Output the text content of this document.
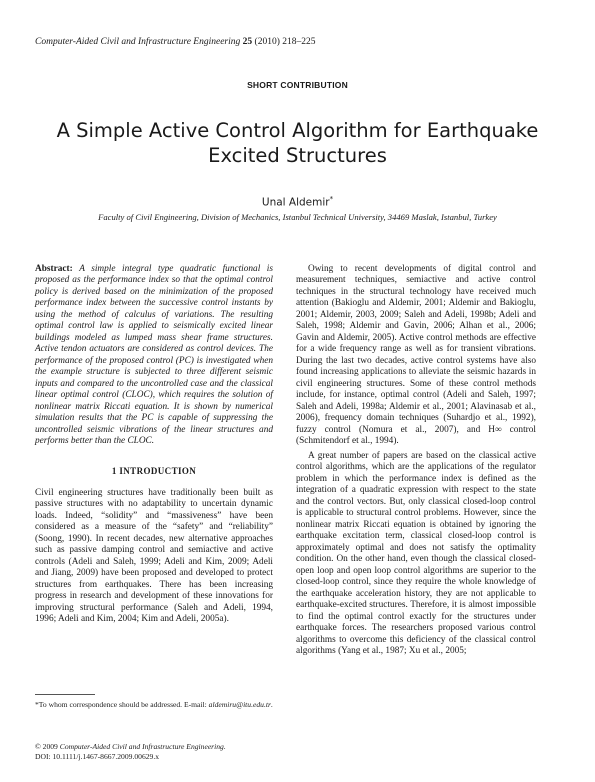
Computer-Aided Civil and Infrastructure Engineering 25 (2010) 218–225
SHORT CONTRIBUTION
A Simple Active Control Algorithm for Earthquake Excited Structures
Unal Aldemir*
Faculty of Civil Engineering, Division of Mechanics, Istanbul Technical University, 34469 Maslak, Istanbul, Turkey
Abstract: A simple integral type quadratic functional is proposed as the performance index so that the optimal control policy is derived based on the minimization of the proposed performance index between the successive control instants by using the method of calculus of variations. The resulting optimal control law is applied to seismically excited linear buildings modeled as lumped mass shear frame structures. Active tendon actuators are considered as control devices. The performance of the proposed control (PC) is investigated when the example structure is subjected to three different seismic inputs and compared to the uncontrolled case and the classical linear optimal control (CLOC), which requires the solution of nonlinear matrix Riccati equation. It is shown by numerical simulation results that the PC is capable of suppressing the uncontrolled seismic vibrations of the linear structures and performs better than the CLOC.
1 INTRODUCTION
Civil engineering structures have traditionally been built as passive structures with no adaptability to uncertain dynamic loads. Indeed, “solidity” and “massiveness” have been considered as a measure of the “safety” and “reliability” (Soong, 1990). In recent decades, new alternative approaches such as passive damping control and semiactive and active controls (Adeli and Saleh, 1999; Adeli and Kim, 2009; Adeli and Jiang, 2009) have been proposed and developed to protect structures from earthquakes. There has been increasing progress in research and development of these innovations for improving structural performance (Saleh and Adeli, 1994, 1996; Adeli and Kim, 2004; Kim and Adeli, 2005a).
*To whom correspondence should be addressed. E-mail: aldemiru@itu.edu.tr.
© 2009 Computer-Aided Civil and Infrastructure Engineering.
DOI: 10.1111/j.1467-8667.2009.00629.x
Owing to recent developments of digital control and measurement techniques, semiactive and active control techniques in the structural technology have received much attention (Bakioglu and Aldemir, 2001; Aldemir and Bakioglu, 2001; Aldemir, 2003, 2009; Saleh and Adeli, 1998b; Adeli and Saleh, 1998; Aldemir and Gavin, 2006; Alhan et al., 2006; Gavin and Aldemir, 2005). Active control methods are effective for a wide frequency range as well as for transient vibrations. During the last two decades, active control systems have also found increasing applications to alleviate the seismic hazards in civil engineering structures. Some of these control methods include, for instance, optimal control (Adeli and Saleh, 1997; Saleh and Adeli, 1998a; Aldemir et al., 2001; Alavinasab et al., 2006), frequency domain techniques (Suhardjo et al., 1992), fuzzy control (Nomura et al., 2007), and H∞ control (Schmitendorf et al., 1994).
A great number of papers are based on the classical active control algorithms, which are the applications of the regulator problem in which the performance index is defined as the integration of a quadratic expression with respect to the state and the control vectors. But, only classical closed-loop control is applicable to structural control problems. However, since the nonlinear matrix Riccati equation is obtained by ignoring the earthquake excitation term, classical closed-loop control is approximately optimal and does not satisfy the optimality condition. On the other hand, even though the classical closed-open loop and open loop control algorithms are superior to the closed-loop control, since they require the whole knowledge of the earthquake acceleration history, they are not applicable to earthquake-excited structures. Therefore, it is almost impossible to find the optimal control exactly for the structures under earthquake forces. The researchers proposed various control algorithms to overcome this deficiency of the classical control algorithms (Yang et al., 1987; Xu et al., 2005;
